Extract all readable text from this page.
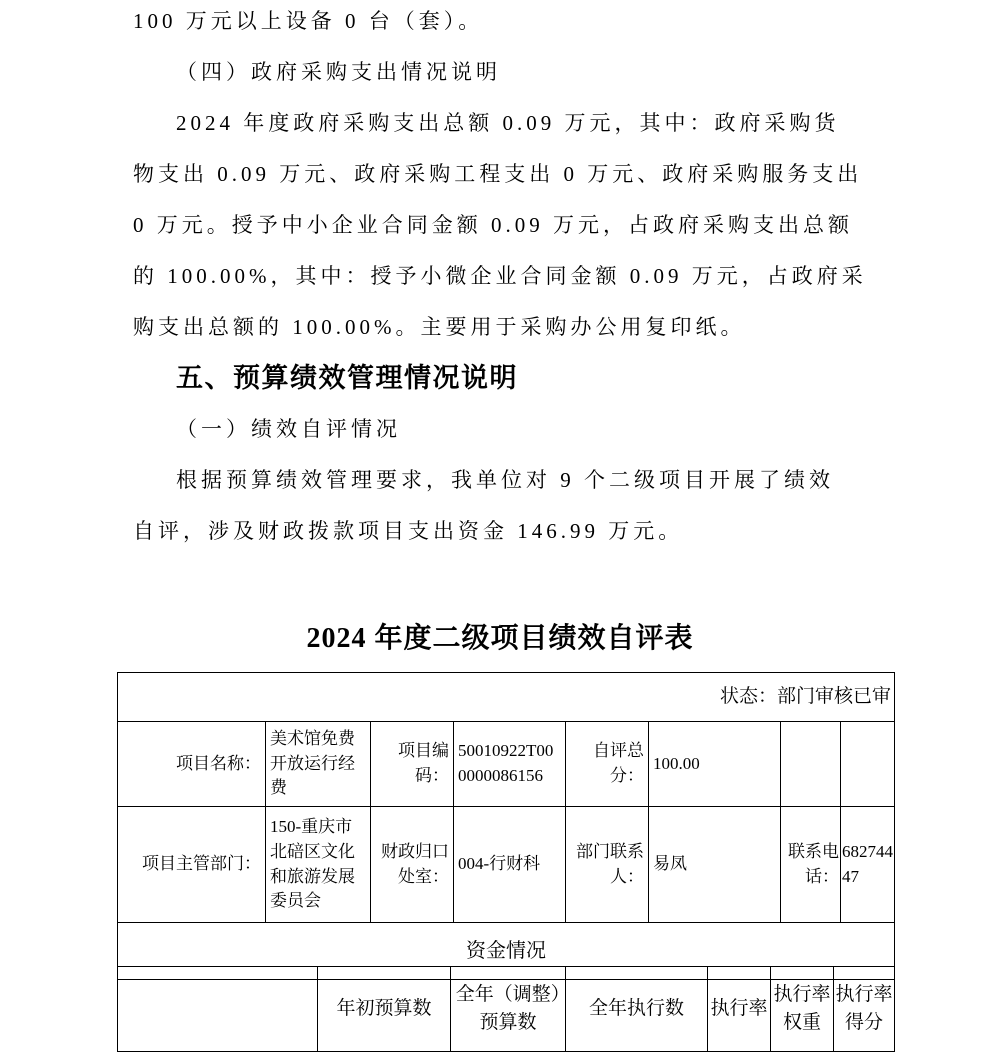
100 万元以上设备 0 台（套）。
（四）政府采购支出情况说明
2024 年度政府采购支出总额 0.09 万元，其中：政府采购货
物支出 0.09 万元、政府采购工程支出 0 万元、政府采购服务支出
0 万元。授予中小企业合同金额 0.09 万元，占政府采购支出总额
的 100.00%，其中：授予小微企业合同金额 0.09 万元，占政府采
购支出总额的 100.00%。主要用于采购办公用复印纸。
五、预算绩效管理情况说明
（一）绩效自评情况
根据预算绩效管理要求，我单位对 9 个二级项目开展了绩效
自评，涉及财政拨款项目支出资金 146.99 万元。
2024 年度二级项目绩效自评表
状态：部门审核已审							
项目名称：	美术馆免费开放运行经费	项目编码：	50010922T000000086156	自评总分：	100.00		
项目主管部门：	150-重庆市北碚区文化和旅游发展委员会	财政归口处室：	004-行财科	部门联系人：	易凤	联系电话：	68274447
资金情况							
	年初预算数	全年（调整）预算数	全年执行数	执行率	执行率权重	执行率得分
